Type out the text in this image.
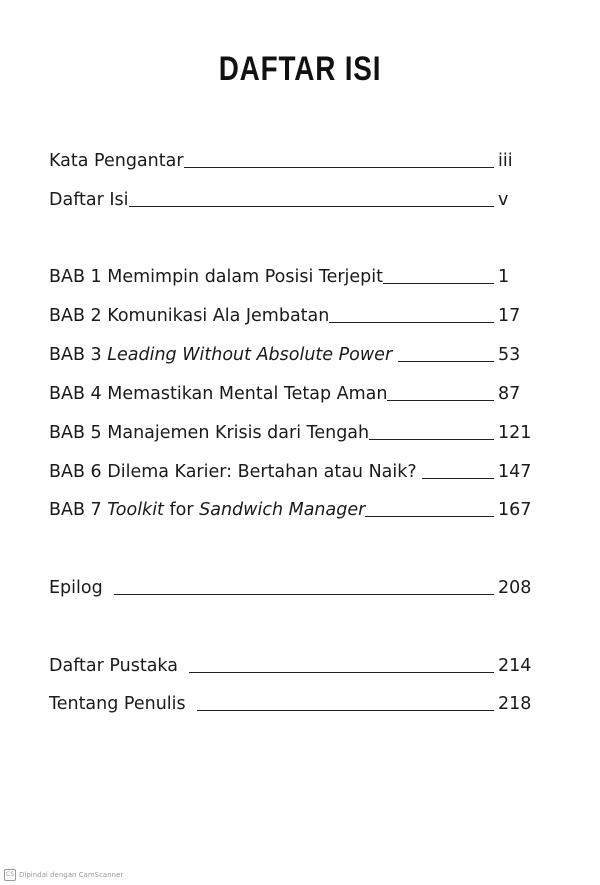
DAFTAR ISI
Kata Pengantar	iii
Daftar Isi	v
BAB 1 Memimpin dalam Posisi Terjepit	1
BAB 2 Komunikasi Ala Jembatan	17
BAB 3 Leading Without Absolute Power	53
BAB 4 Memastikan Mental Tetap Aman	87
BAB 5 Manajemen Krisis dari Tengah	121
BAB 6 Dilema Karier: Bertahan atau Naik?	147
BAB 7 Toolkit for Sandwich Manager	167
Epilog	208
Daftar Pustaka	214
Tentang Penulis	218
CS Dipindai dengan CamScanner
